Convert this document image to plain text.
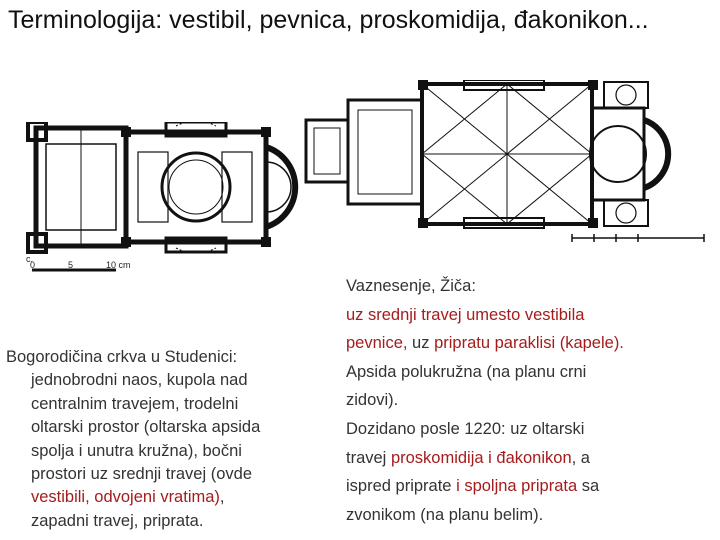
Terminologija: vestibil, pevnica, proskomidija, đakonikon...
c.
0	5	10 cm
Vaznesenje, Žiča:
uz srednji travej umesto vestibila
pevnice, uz pripratu paraklisi (kapele).
Apsida polukružna (na planu crni
zidovi).
Dozidano posle 1220: uz oltarski
travej proskomidija i đakonikon, a
ispred priprate i spoljna priprata sa
zvonikom (na planu belim).
Bogorodičina crkva u Studenici:
jednobrodni naos, kupola nad
centralnim travejem, trodelni
oltarski prostor (oltarska apsida
spolja i unutra kružna), bočni
prostori uz srednji travej (ovde
vestibili, odvojeni vratima),
zapadni travej, priprata.
